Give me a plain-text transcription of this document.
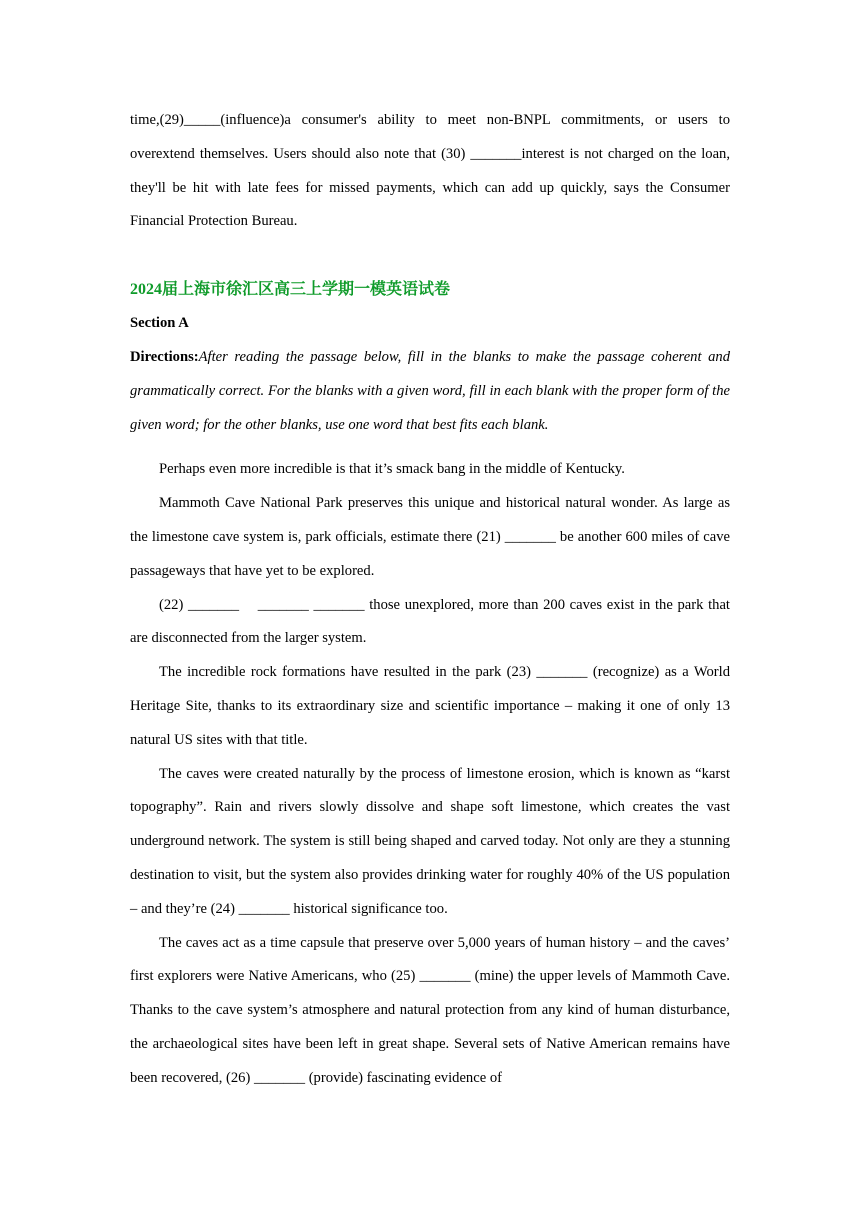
time,(29)_____(influence)a consumer's ability to meet non-BNPL commitments, or users to overextend themselves. Users should also note that (30) _______interest is not charged on the loan, they'll be hit with late fees for missed payments, which can add up quickly, says the Consumer Financial Protection Bureau.

2024届上海市徐汇区高三上学期一模英语试卷

Section A

Directions:After reading the passage below, fill in the blanks to make the passage coherent and grammatically correct. For the blanks with a given word, fill in each blank with the proper form of the given word; for the other blanks, use one word that best fits each blank.

Perhaps even more incredible is that it’s smack bang in the middle of Kentucky.

Mammoth Cave National Park preserves this unique and historical natural wonder. As large as the limestone cave system is, park officials, estimate there (21) _______ be another 600 miles of cave passageways that have yet to be explored.

(22) _______    _______ _______ those unexplored, more than 200 caves exist in the park that are disconnected from the larger system.

The incredible rock formations have resulted in the park (23) _______ (recognize) as a World Heritage Site, thanks to its extraordinary size and scientific importance – making it one of only 13 natural US sites with that title.

The caves were created naturally by the process of limestone erosion, which is known as “karst topography”. Rain and rivers slowly dissolve and shape soft limestone, which creates the vast underground network. The system is still being shaped and carved today. Not only are they a stunning destination to visit, but the system also provides drinking water for roughly 40% of the US population – and they’re (24) _______ historical significance too.

The caves act as a time capsule that preserve over 5,000 years of human history – and the caves’ first explorers were Native Americans, who (25) _______ (mine) the upper levels of Mammoth Cave. Thanks to the cave system’s atmosphere and natural protection from any kind of human disturbance, the archaeological sites have been left in great shape. Several sets of Native American remains have been recovered, (26) _______ (provide) fascinating evidence of
